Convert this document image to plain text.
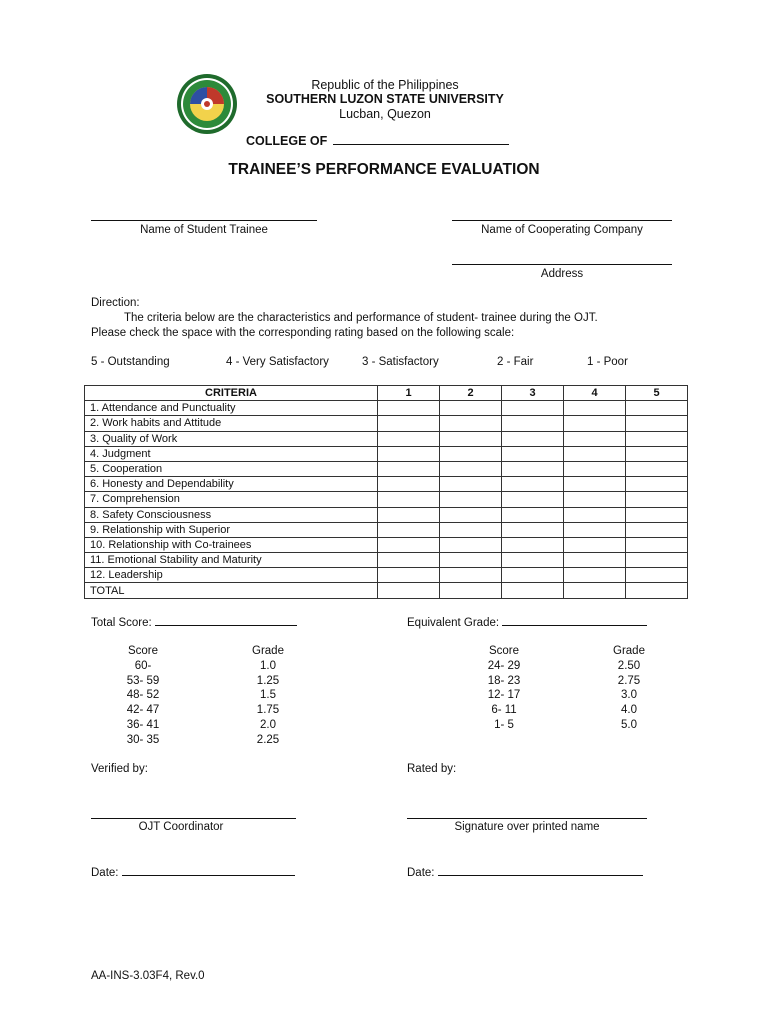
Republic of the Philippines
SOUTHERN LUZON STATE UNIVERSITY
Lucban, Quezon
COLLEGE OF
TRAINEE’S PERFORMANCE EVALUATION
Name of Student Trainee	Name of Cooperating Company
Address
Direction:
The criteria below are the characteristics and performance of student- trainee during the OJT.
Please check the space with the corresponding rating based on the following scale:
5 - Outstanding	4 - Very Satisfactory	3 - Satisfactory	2 - Fair	1 - Poor
CRITERIA	1	2	3	4	5
1. Attendance and Punctuality					
2. Work habits and Attitude					
3. Quality of Work					
4. Judgment					
5. Cooperation					
6. Honesty and Dependability					
7. Comprehension					
8. Safety Consciousness					
9. Relationship with Superior					
10. Relationship with Co-trainees					
11. Emotional Stability and Maturity					
12. Leadership					
TOTAL					
Total Score:	Equivalent Grade:
Score	Grade
60-	1.0
53- 59	1.25
48- 52	1.5
42- 47	1.75
36- 41	2.0
30- 35	2.25
Score	Grade
24- 29	2.50
18- 23	2.75
12- 17	3.0
6- 11	4.0
1- 5	5.0
Verified by:	Rated by:
OJT Coordinator	Signature over printed name
Date:	Date:
AA-INS-3.03F4, Rev.0
